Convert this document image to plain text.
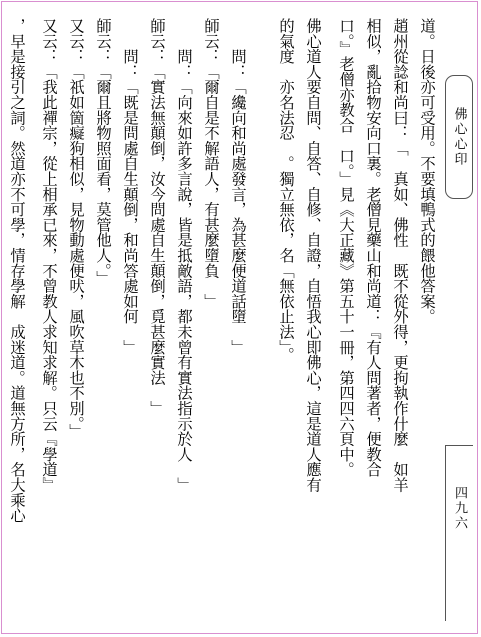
佛心心印
四九六
道。日後亦可受用。不要填鴨式的餵他答案。
趙州從諗和尚曰：「　真如、佛性　既不從外得，更拘執作什麼　如羊
相似，亂拾物安向口裏。老僧見藥山和尚道：『有人問著者，便教合
口。』老僧亦教合　口。」見《大正藏》第五十一冊，第四四六頁中。
佛心道人要自問、自答、自修、自證，自悟我心即佛心，這是道人應有
的氣度　亦名法忍　。獨立無依，名「無依止法」。
　　問：「纔向和尚處發言，為甚麼便道話墮　」
師云：「爾自是不解語人，有甚麼墮負　」
　　問：「向來如許多言說，皆是抵敵語，都未曾有實法指示於人　」
師云：「實法無顛倒，汝今問處自生顛倒，覓甚麼實法　」
　　問：「既是問處自生顛倒，和尚答處如何　」
師云：「爾且將物照面看，莫管他人。」
又云：「祇如箇癡狗相似，見物動處便吠，風吹草木也不別。」
又云：「我此禪宗，從上相承已來，不曾教人求知求解。只云『學道』
，早是接引之詞。然道亦不可學，情存學解　成迷道。道無方所，名大乘心
